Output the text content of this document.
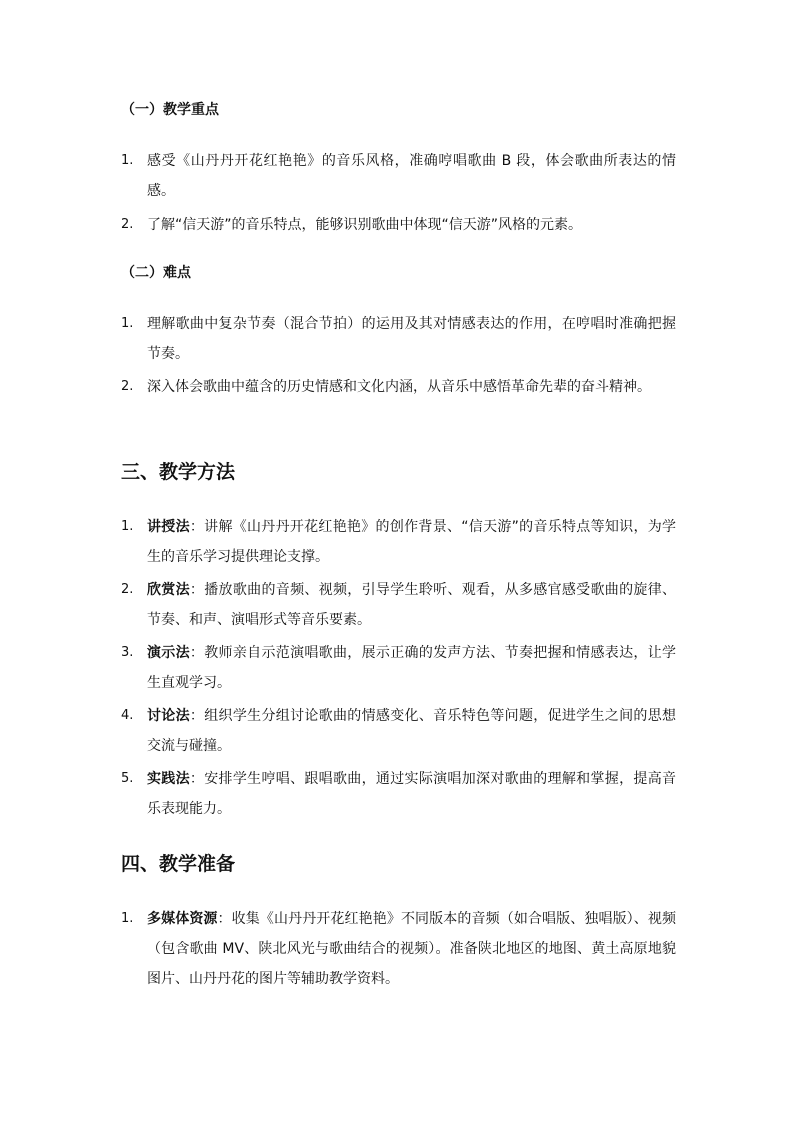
（一）教学重点
1. 感受《山丹丹开花红艳艳》的音乐风格，准确哼唱歌曲 B 段，体会歌曲所表达的情感。
2. 了解“信天游”的音乐特点，能够识别歌曲中体现“信天游”风格的元素。
（二）难点
1. 理解歌曲中复杂节奏（混合节拍）的运用及其对情感表达的作用，在哼唱时准确把握节奏。
2. 深入体会歌曲中蕴含的历史情感和文化内涵，从音乐中感悟革命先辈的奋斗精神。
三、教学方法
1. 讲授法：讲解《山丹丹开花红艳艳》的创作背景、“信天游”的音乐特点等知识，为学生的音乐学习提供理论支撑。
2. 欣赏法：播放歌曲的音频、视频，引导学生聆听、观看，从多感官感受歌曲的旋律、节奏、和声、演唱形式等音乐要素。
3. 演示法：教师亲自示范演唱歌曲，展示正确的发声方法、节奏把握和情感表达，让学生直观学习。
4. 讨论法：组织学生分组讨论歌曲的情感变化、音乐特色等问题，促进学生之间的思想交流与碰撞。
5. 实践法：安排学生哼唱、跟唱歌曲，通过实际演唱加深对歌曲的理解和掌握，提高音乐表现能力。
四、教学准备
1. 多媒体资源：收集《山丹丹开花红艳艳》不同版本的音频（如合唱版、独唱版）、视频（包含歌曲 MV、陕北风光与歌曲结合的视频）。准备陕北地区的地图、黄土高原地貌图片、山丹丹花的图片等辅助教学资料。
